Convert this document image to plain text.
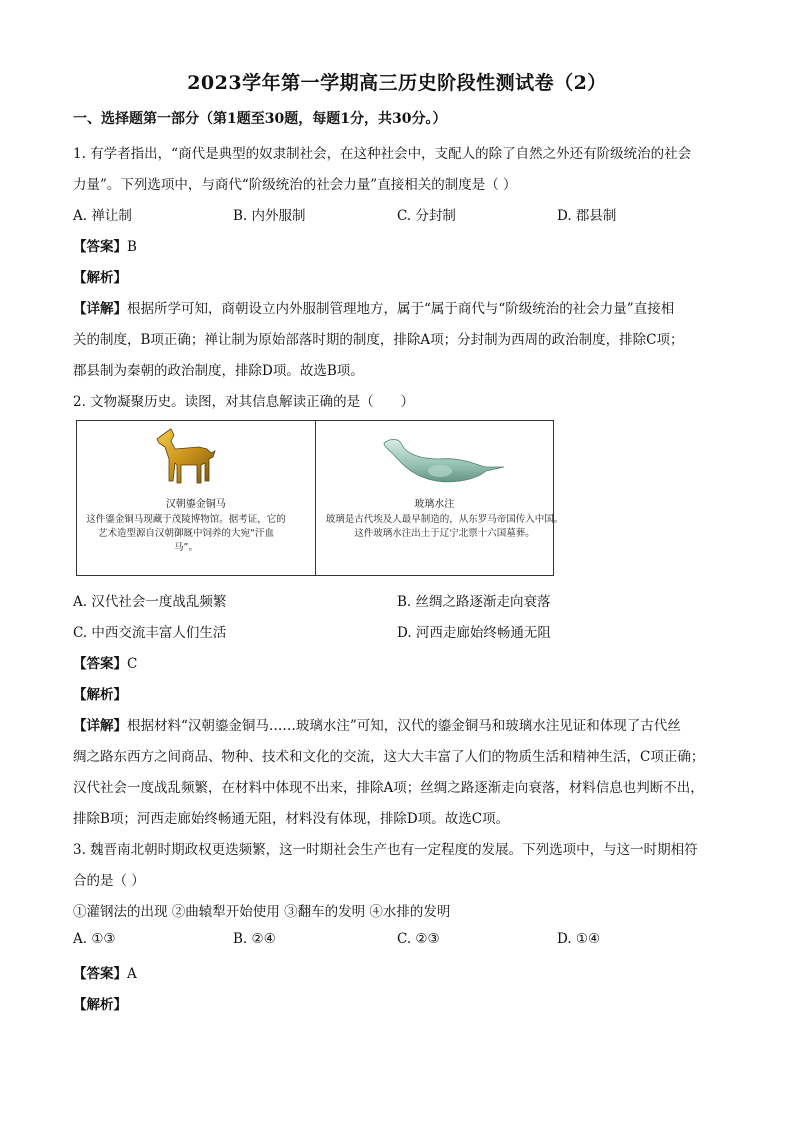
2023学年第一学期高三历史阶段性测试卷（2）
一、选择题第一部分（第1题至30题，每题1分，共30分。）
1. 有学者指出，“商代是典型的奴隶制社会，在这种社会中，支配人的除了自然之外还有阶级统治的社会
力量”。下列选项中，与商代“阶级统治的社会力量”直接相关的制度是（ ）
A. 禅让制	B. 内外服制	C. 分封制	D. 郡县制
【答案】B
【解析】
【详解】根据所学可知，商朝设立内外服制管理地方，属于“属于商代与“阶级统治的社会力量”直接相
关的制度，B项正确；禅让制为原始部落时期的制度，排除A项；分封制为西周的政治制度，排除C项；
郡县制为秦朝的政治制度，排除D项。故选B项。
2. 文物凝聚历史。读图，对其信息解读正确的是（　　）
汉朝鎏金铜马
这件鎏金铜马现藏于茂陵博物馆。据考证，它的
艺术造型源自汉朝御厩中饲养的大宛“汗血
马”。
玻璃水注
玻璃是古代埃及人最早制造的，从东罗马帝国传入中国。
这件玻璃水注出土于辽宁北票十六国墓葬。
A. 汉代社会一度战乱频繁	B. 丝绸之路逐渐走向衰落
C. 中西交流丰富人们生活	D. 河西走廊始终畅通无阻
【答案】C
【解析】
【详解】根据材料“汉朝鎏金铜马……玻璃水注”可知，汉代的鎏金铜马和玻璃水注见证和体现了古代丝
绸之路东西方之间商品、物种、技术和文化的交流，这大大丰富了人们的物质生活和精神生活，C项正确；
汉代社会一度战乱频繁，在材料中体现不出来，排除A项；丝绸之路逐渐走向衰落，材料信息也判断不出，
排除B项；河西走廊始终畅通无阻，材料没有体现，排除D项。故选C项。
3. 魏晋南北朝时期政权更迭频繁，这一时期社会生产也有一定程度的发展。下列选项中，与这一时期相符
合的是（ ）
①灌钢法的出现 ②曲辕犁开始使用 ③翻车的发明 ④水排的发明
A. ①③	B. ②④	C. ②③	D. ①④
【答案】A
【解析】
